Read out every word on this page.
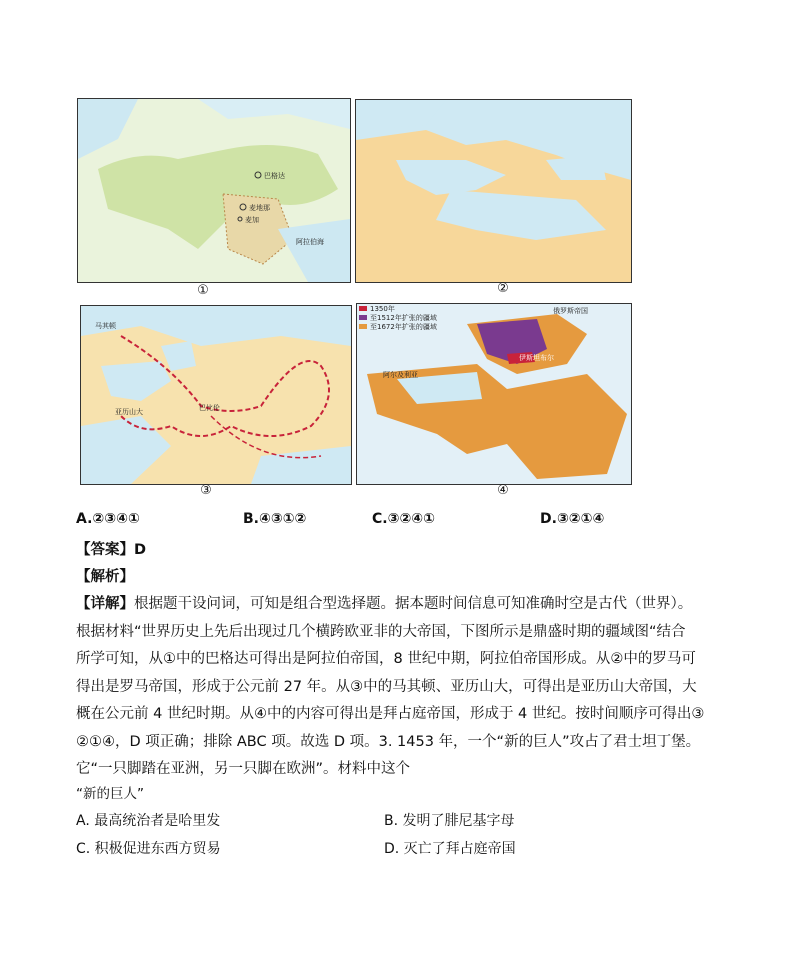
巴格达
麦地那
麦加
阿拉伯海
①	②
马其顿
亚历山大	巴比伦
③
1350年
至1512年扩张的疆域
至1672年扩张的疆域
俄罗斯帝国
阿尔及利亚
伊斯坦布尔
④
A.②③④①	B.④③①②	C.③②④①	D.③②①④
【答案】D
【解析】
【详解】根据题干设问词，可知是组合型选择题。据本题时间信息可知准确时空是古代（世界）。
根据材料“世界历史上先后出现过几个横跨欧亚非的大帝国，下图所示是鼎盛时期的疆域图“结合
所学可知，从①中的巴格达可得出是阿拉伯帝国，8 世纪中期，阿拉伯帝国形成。从②中的罗马可
得出是罗马帝国，形成于公元前 27 年。从③中的马其顿、亚历山大，可得出是亚历山大帝国，大
概在公元前 4 世纪时期。从④中的内容可得出是拜占庭帝国，形成于 4 世纪。按时间顺序可得出③
②①④，D 项正确；排除 ABC 项。故选 D 项。3. 1453 年，一个“新的巨人”攻占了君士坦丁堡。
它“一只脚踏在亚洲，另一只脚在欧洲”。材料中这个
“新的巨人”
A. 最高统治者是哈里发	B. 发明了腓尼基字母
C. 积极促进东西方贸易	D. 灭亡了拜占庭帝国
